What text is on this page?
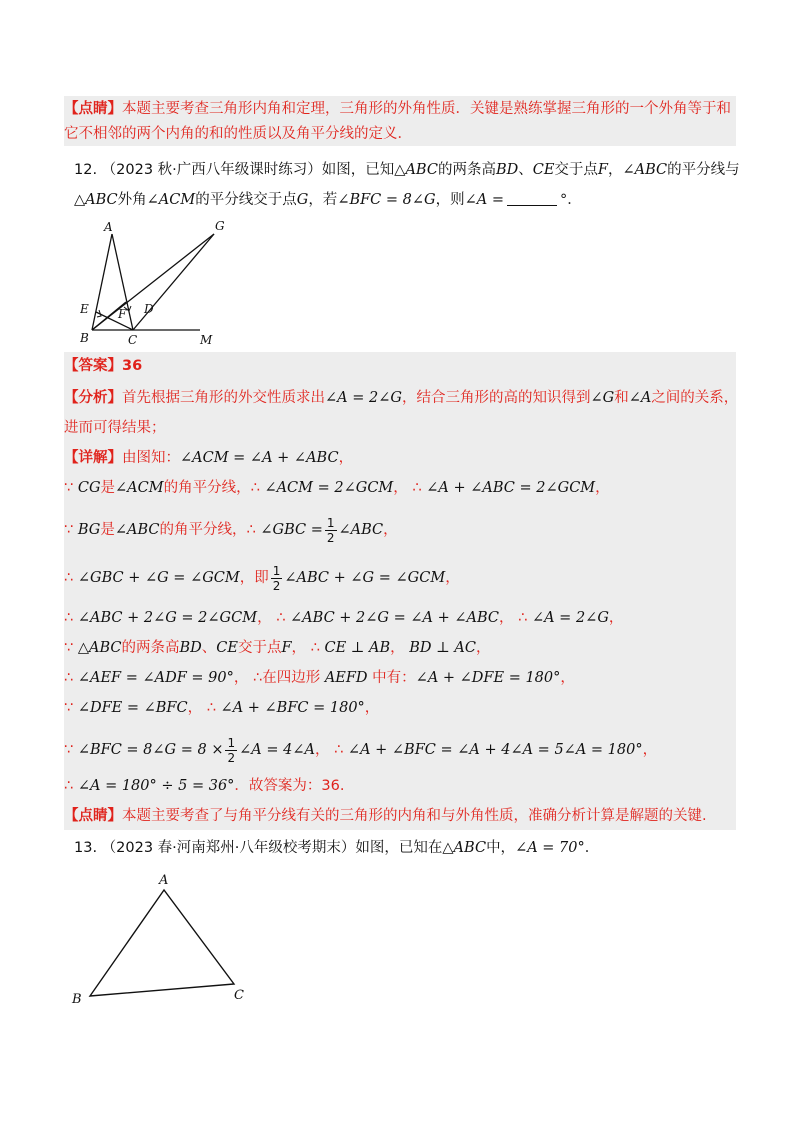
【点睛】本题主要考查三角形内角和定理，三角形的外角性质．关键是熟练掌握三角形的一个外角等于和
它不相邻的两个内角的和的性质以及角平分线的定义．
12. （2023 秋·广西八年级课时练习）如图，已知△ABC的两条高BD、CE交于点F，∠ABC的平分线与
△ABC外角∠ACM的平分线交于点G，若∠BFC = 8∠G，则∠A =	°．
A	G
E F D
B	C	M
【答案】36
【分析】首先根据三角形的外交性质求出∠A = 2∠G，结合三角形的高的知识得到∠G和∠A之间的关系，
进而可得结果；
【详解】由图知：∠ACM = ∠A + ∠ABC，
∵ CG是∠ACM的角平分线，∴ ∠ACM = 2∠GCM， ∴ ∠A + ∠ABC = 2∠GCM，
∵ BG是∠ABC的角平分线，∴ ∠GBC = $\frac{1}{2}$ ∠ABC，
∴ ∠GBC + ∠G = ∠GCM，即 $\frac{1}{2}$ ∠ABC + ∠G = ∠GCM，
∴ ∠ABC + 2∠G = 2∠GCM， ∴ ∠ABC + 2∠G = ∠A + ∠ABC， ∴ ∠A = 2∠G，
∵ △ABC的两条高BD、CE交于点F， ∴ CE ⊥ AB， BD ⊥ AC，
∴ ∠AEF = ∠ADF = 90°， ∴在四边形 AEFD 中有：∠A + ∠DFE = 180°，
∵ ∠DFE = ∠BFC， ∴ ∠A + ∠BFC = 180°，
∵ ∠BFC = 8∠G = $8 \times \frac{1}{2}$ ∠A = 4∠A， ∴ ∠A + ∠BFC = ∠A + 4∠A = 5∠A = 180°，
∴ ∠A = 180° ÷ 5 = 36°．故答案为：36.
【点睛】本题主要考查了与角平分线有关的三角形的内角和与外角性质，准确分析计算是解题的关键.
13. （2023 春·河南郑州·八年级校考期末）如图，已知在△ABC中，∠A = 70°．
A
B	C
